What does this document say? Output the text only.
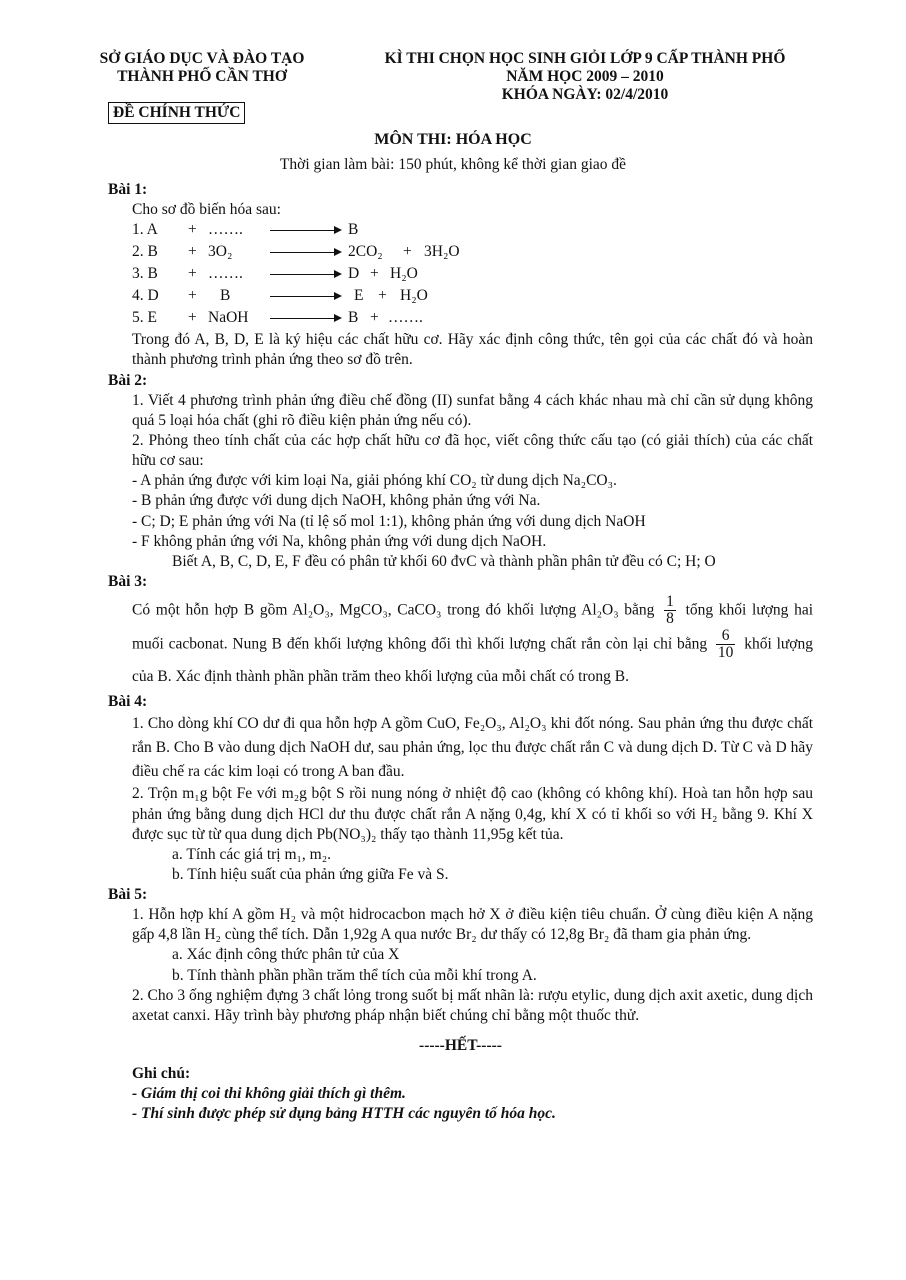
SỞ GIÁO DỤC VÀ ĐÀO TẠO
THÀNH PHỐ CẦN THƠ
ĐỀ CHÍNH THỨC
KÌ THI CHỌN HỌC SINH GIỎI LỚP 9 CẤP THÀNH PHỐ
NĂM HỌC 2009 – 2010
KHÓA NGÀY: 02/4/2010
MÔN THI: HÓA HỌC
Thời gian làm bài: 150 phút, không kể thời gian giao đề
Bài 1:

Cho sơ đồ biến hóa sau:

1. A + …….	B
2. B + 3O₂	2CO₂ + 3H₂O
3. B + …….	D + H₂O
4. D + B	E + H₂O
5. E + NaOH	B + …….

Trong đó A, B, D, E là ký hiệu các chất hữu cơ. Hãy xác định công thức, tên gọi của các chất đó và hoàn thành phương trình phản ứng theo sơ đồ trên.

Bài 2:

1. Viết 4 phương trình phản ứng điều chế đồng (II) sunfat bằng 4 cách khác nhau mà chỉ cần sử dụng không quá 5 loại hóa chất (ghi rõ điều kiện phản ứng nếu có).

2. Phỏng theo tính chất của các hợp chất hữu cơ đã học, viết công thức cấu tạo (có giải thích) của các chất hữu cơ sau:

- A phản ứng được với kim loại Na, giải phóng khí CO₂ từ dung dịch Na₂CO₃.

- B phản ứng được với dung dịch NaOH, không phản ứng với Na.

- C; D; E phản ứng với Na (tỉ lệ số mol 1:1), không phản ứng với dung dịch NaOH

- F không phản ứng với Na, không phản ứng với dung dịch NaOH.

Biết A, B, C, D, E, F đều có phân tử khối 60 đvC và thành phần phân tử đều có C; H; O

Bài 3:

Có một hỗn hợp B gồm Al₂O₃, MgCO₃, CaCO₃ trong đó khối lượng Al₂O₃ bằng $\frac{1}{8}$ tổng khối lượng hai muối cacbonat. Nung B đến khối lượng không đổi thì khối lượng chất rắn còn lại chỉ bằng $\frac{6}{10}$ khối lượng của B. Xác định thành phần phần trăm theo khối lượng của mỗi chất có trong B.

Bài 4:

1. Cho dòng khí CO dư đi qua hỗn hợp A gồm CuO, Fe₂O₃, Al₂O₃ khi đốt nóng. Sau phản ứng thu được chất rắn B. Cho B vào dung dịch NaOH dư, sau phản ứng, lọc thu được chất rắn C và dung dịch D. Từ C và D hãy điều chế ra các kim loại có trong A ban đầu.

2. Trộn m₁g bột Fe với m₂g bột S rồi nung nóng ở nhiệt độ cao (không có không khí). Hoà tan hỗn hợp sau phản ứng bằng dung dịch HCl dư thu được chất rắn A nặng 0,4g, khí X có tỉ khối so với H₂ bằng 9. Khí X được sục từ từ qua dung dịch Pb(NO₃)₂ thấy tạo thành 11,95g kết tủa.

a. Tính các giá trị m₁, m₂.

b. Tính hiệu suất của phản ứng giữa Fe và S.

Bài 5:

1. Hỗn hợp khí A gồm H₂ và một hidrocacbon mạch hở X ở điều kiện tiêu chuẩn. Ở cùng điều kiện A nặng gấp 4,8 lần H₂ cùng thể tích. Dẫn 1,92g A qua nước Br₂ dư thấy có 12,8g Br₂ đã tham gia phản ứng.

a. Xác định công thức phân tử của X

b. Tính thành phần phần trăm thể tích của mỗi khí trong A.

2. Cho 3 ống nghiệm đựng 3 chất lỏng trong suốt bị mất nhãn là: rượu etylic, dung dịch axit axetic, dung dịch axetat canxi. Hãy trình bày phương pháp nhận biết chúng chỉ bằng một thuốc thử.

-----HẾT-----
Ghi chú:
- Giám thị coi thi không giải thích gì thêm.
- Thí sinh được phép sử dụng bảng HTTH các nguyên tố hóa học.
